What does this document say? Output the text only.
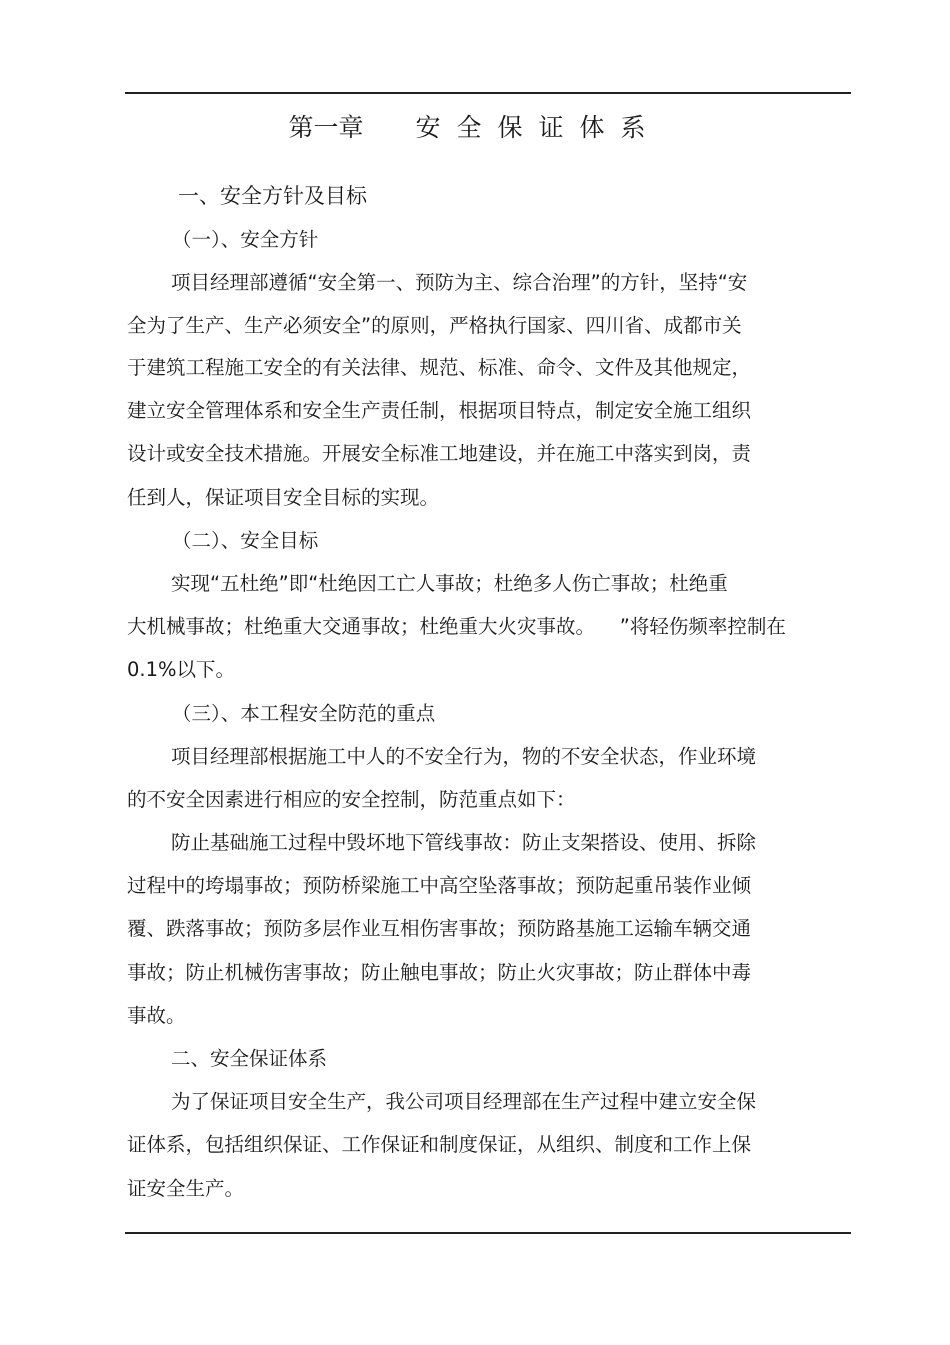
第一章 安全保证体系
一、安全方针及目标
（一）、安全方针
项目经理部遵循“安全第一、预防为主、综合治理”的方针，坚持“安
全为了生产、生产必须安全”的原则，严格执行国家、四川省、成都市关
于建筑工程施工安全的有关法律、规范、标准、命令、文件及其他规定，
建立安全管理体系和安全生产责任制，根据项目特点，制定安全施工组织
设计或安全技术措施。开展安全标准工地建设，并在施工中落实到岗，责
任到人，保证项目安全目标的实现。
（二）、安全目标
实现“五杜绝”即“杜绝因工亡人事故；杜绝多人伤亡事故；杜绝重
大机械事故；杜绝重大交通事故；杜绝重大火灾事故。    ”将轻伤频率控制在
0.1%以下。
（三）、本工程安全防范的重点
项目经理部根据施工中人的不安全行为，物的不安全状态，作业环境
的不安全因素进行相应的安全控制，防范重点如下：
防止基础施工过程中毁坏地下管线事故：防止支架搭设、使用、拆除
过程中的垮塌事故；预防桥梁施工中高空坠落事故；预防起重吊装作业倾
覆、跌落事故；预防多层作业互相伤害事故；预防路基施工运输车辆交通
事故；防止机械伤害事故；防止触电事故；防止火灾事故；防止群体中毒
事故。
二、安全保证体系
为了保证项目安全生产，我公司项目经理部在生产过程中建立安全保
证体系，包括组织保证、工作保证和制度保证，从组织、制度和工作上保
证安全生产。
